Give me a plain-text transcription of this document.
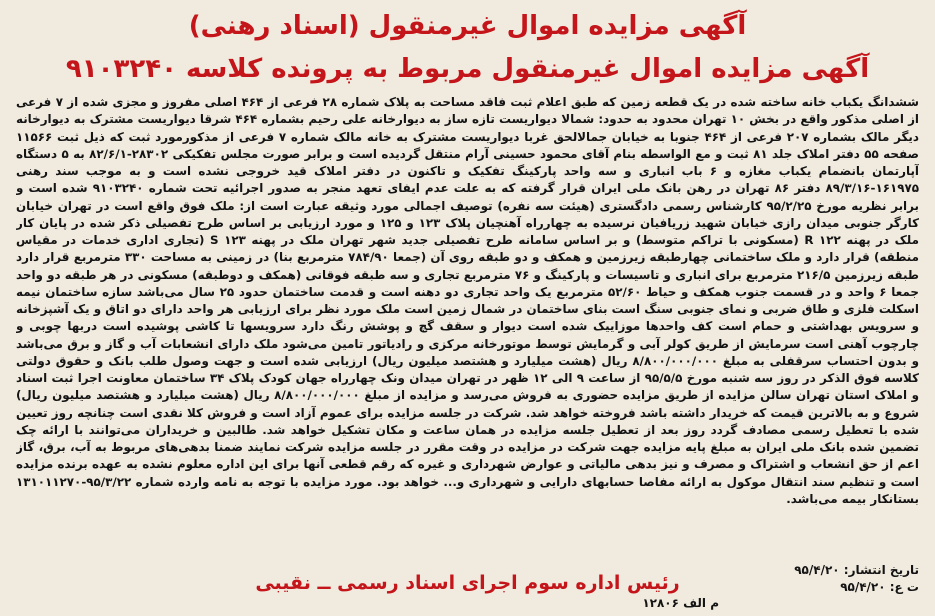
آگهی مزایده اموال غیرمنقول (اسناد رهنی)
آگهی مزایده اموال غیرمنقول مربوط به پرونده کلاسه ۹۱۰۳۲۴۰

ششدانگ یکباب خانه ساخته شده در یک قطعه زمین که طبق اعلام ثبت فاقد مساحت به پلاک شماره ۲۸ فرعی از ۴۶۴ اصلی مفروز و مجزی شده از ۷ فرعی از اصلی مذکور واقع در بخش ۱۰ تهران محدود به حدود: شمالا دیواریست تازه ساز به دیوارخانه علی رحیم بشماره ۴۶۴ شرقا دیواریست مشترک به دیوارخانه دیگر مالک بشماره ۲۰۷ فرعی از ۴۶۴ جنوبا به خیابان جمالالحق غربا دیواریست مشترک به خانه مالک شماره ۷ فرعی از مذکورمورد ثبت که ذیل ثبت ۱۱۵۶۶ صفحه ۵۵ دفتر املاک جلد ۸۱ ثبت و مع الواسطه بنام آقای محمود حسینی آرام منتقل گردیده است و برابر صورت مجلس تفکیکی ۲۸۳۰۲-۸۲/۶/۱ به ۵ دستگاه آپارتمان بانضمام یکباب مغازه و ۶ باب انباری و سه واحد پارکینگ تفکیک و تاکنون در دفتر املاک قید خروجی نشده است و به موجب سند رهنی ۱۶۱۹۷۵-۸۹/۳/۱۶ دفتر ۸۶ تهران در رهن بانک ملی ایران قرار گرفته که به علت عدم ایفای تعهد منجر به صدور اجرائیه تحت شماره ۹۱۰۳۲۴۰ شده است و برابر نظریه مورخ ۹۵/۲/۲۵ کارشناس رسمی دادگستری (هیئت سه نفره) توصیف اجمالی مورد وثیقه عبارت است از: ملک فوق واقع است در تهران خیابان کارگر جنوبی میدان رازی خیابان شهید زریافیان نرسیده به چهارراه آهنچیان پلاک ۱۲۳ و ۱۲۵ و مورد ارزیابی بر اساس طرح تفصیلی ذکر شده در پایان کار ملک در پهنه R ۱۲۲ (مسکونی با تراکم متوسط) و بر اساس سامانه طرح تفصیلی جدید شهر تهران ملک در پهنه S ۱۲۳ (تجاری اداری خدمات در مقیاس منطقه) قرار دارد و ملک ساختمانی چهارطبقه زیرزمین و همکف و دو طبقه روی آن (جمعا ۷۸۴/۹۰ مترمربع بنا) در زمینی به مساحت ۳۳۰ مترمربع قرار دارد طبقه زیرزمین ۲۱۶/۵ مترمربع برای انباری و تاسیسات و پارکینگ و ۷۶ مترمربع تجاری و سه طبقه فوقانی (همکف و دوطبقه) مسکونی در هر طبقه دو واحد جمعا ۶ واحد و در قسمت جنوب همکف و حیاط ۵۲/۶۰ مترمربع یک واحد تجاری دو دهنه است و قدمت ساختمان حدود ۲۵ سال می‌باشد سازه ساختمان نیمه اسکلت فلزی و طاق ضربی و نمای جنوبی سنگ است بنای ساختمان در شمال زمین است ملک مورد نظر برای ارزیابی هر واحد دارای دو اتاق و یک آشپزخانه و سرویس بهداشتی و حمام است کف واحدها موزاییک شده است دیوار و سقف گچ و پوشش رنگ دارد سرویسها تا کاشی پوشیده است دربها چوبی و چارچوب آهنی است سرمایش از طریق کولر آبی و گرمایش توسط موتورخانه مرکزی و رادیاتور تامین می‌شود ملک دارای انشعابات آب و گاز و برق می‌باشد و بدون احتساب سرقفلی به مبلغ ۸/۸۰۰/۰۰۰/۰۰۰ ریال (هشت میلیارد و هشتصد میلیون ریال) ارزیابی شده است و جهت وصول طلب بانک و حقوق دولتی کلاسه فوق الذکر در روز سه شنبه مورخ ۹۵/۵/۵ از ساعت ۹ الی ۱۲ ظهر در تهران میدان ونک چهارراه جهان کودک پلاک ۳۴ ساختمان معاونت اجرا ثبت اسناد و املاک استان تهران سالن مزایده از طریق مزایده حضوری به فروش می‌رسد و مزایده از مبلغ ۸/۸۰۰/۰۰۰/۰۰۰ ریال (هشت میلیارد و هشتصد میلیون ریال) شروع و به بالاترین قیمت که خریدار داشته باشد فروخته خواهد شد. شرکت در جلسه مزایده برای عموم آزاد است و فروش کلا نقدی است چنانچه روز تعیین شده با تعطیل رسمی مصادف گردد روز بعد از تعطیل جلسه مزایده در همان ساعت و مکان تشکیل خواهد شد. طالبین و خریداران می‌توانند با ارائه چک تضمین شده بانک ملی ایران به مبلغ پایه مزایده جهت شرکت در مزایده در وقت مقرر در جلسه مزایده شرکت نمایند ضمنا بدهی‌های مربوط به آب، برق، گاز اعم از حق انشعاب و اشتراک و مصرف و نیز بدهی مالیاتی و عوارض شهرداری و غیره که رقم قطعی آنها برای این اداره معلوم نشده به عهده برنده مزایده است و تنظیم سند انتقال موکول به ارائه مفاصا حسابهای دارایی و شهرداری و... خواهد بود. مورد مزایده با توجه به نامه وارده شماره ۹۵/۳/۲۲-۱۳۱۰۱۱۲۷۰ بستانکار بیمه می‌باشد.

تاریخ انتشار: ۹۵/۴/۲۰
ت ع: ۹۵/۴/۲۰
رئیس اداره سوم اجرای اسناد رسمی ــ نقیبی
م الف ۱۲۸۰۶
